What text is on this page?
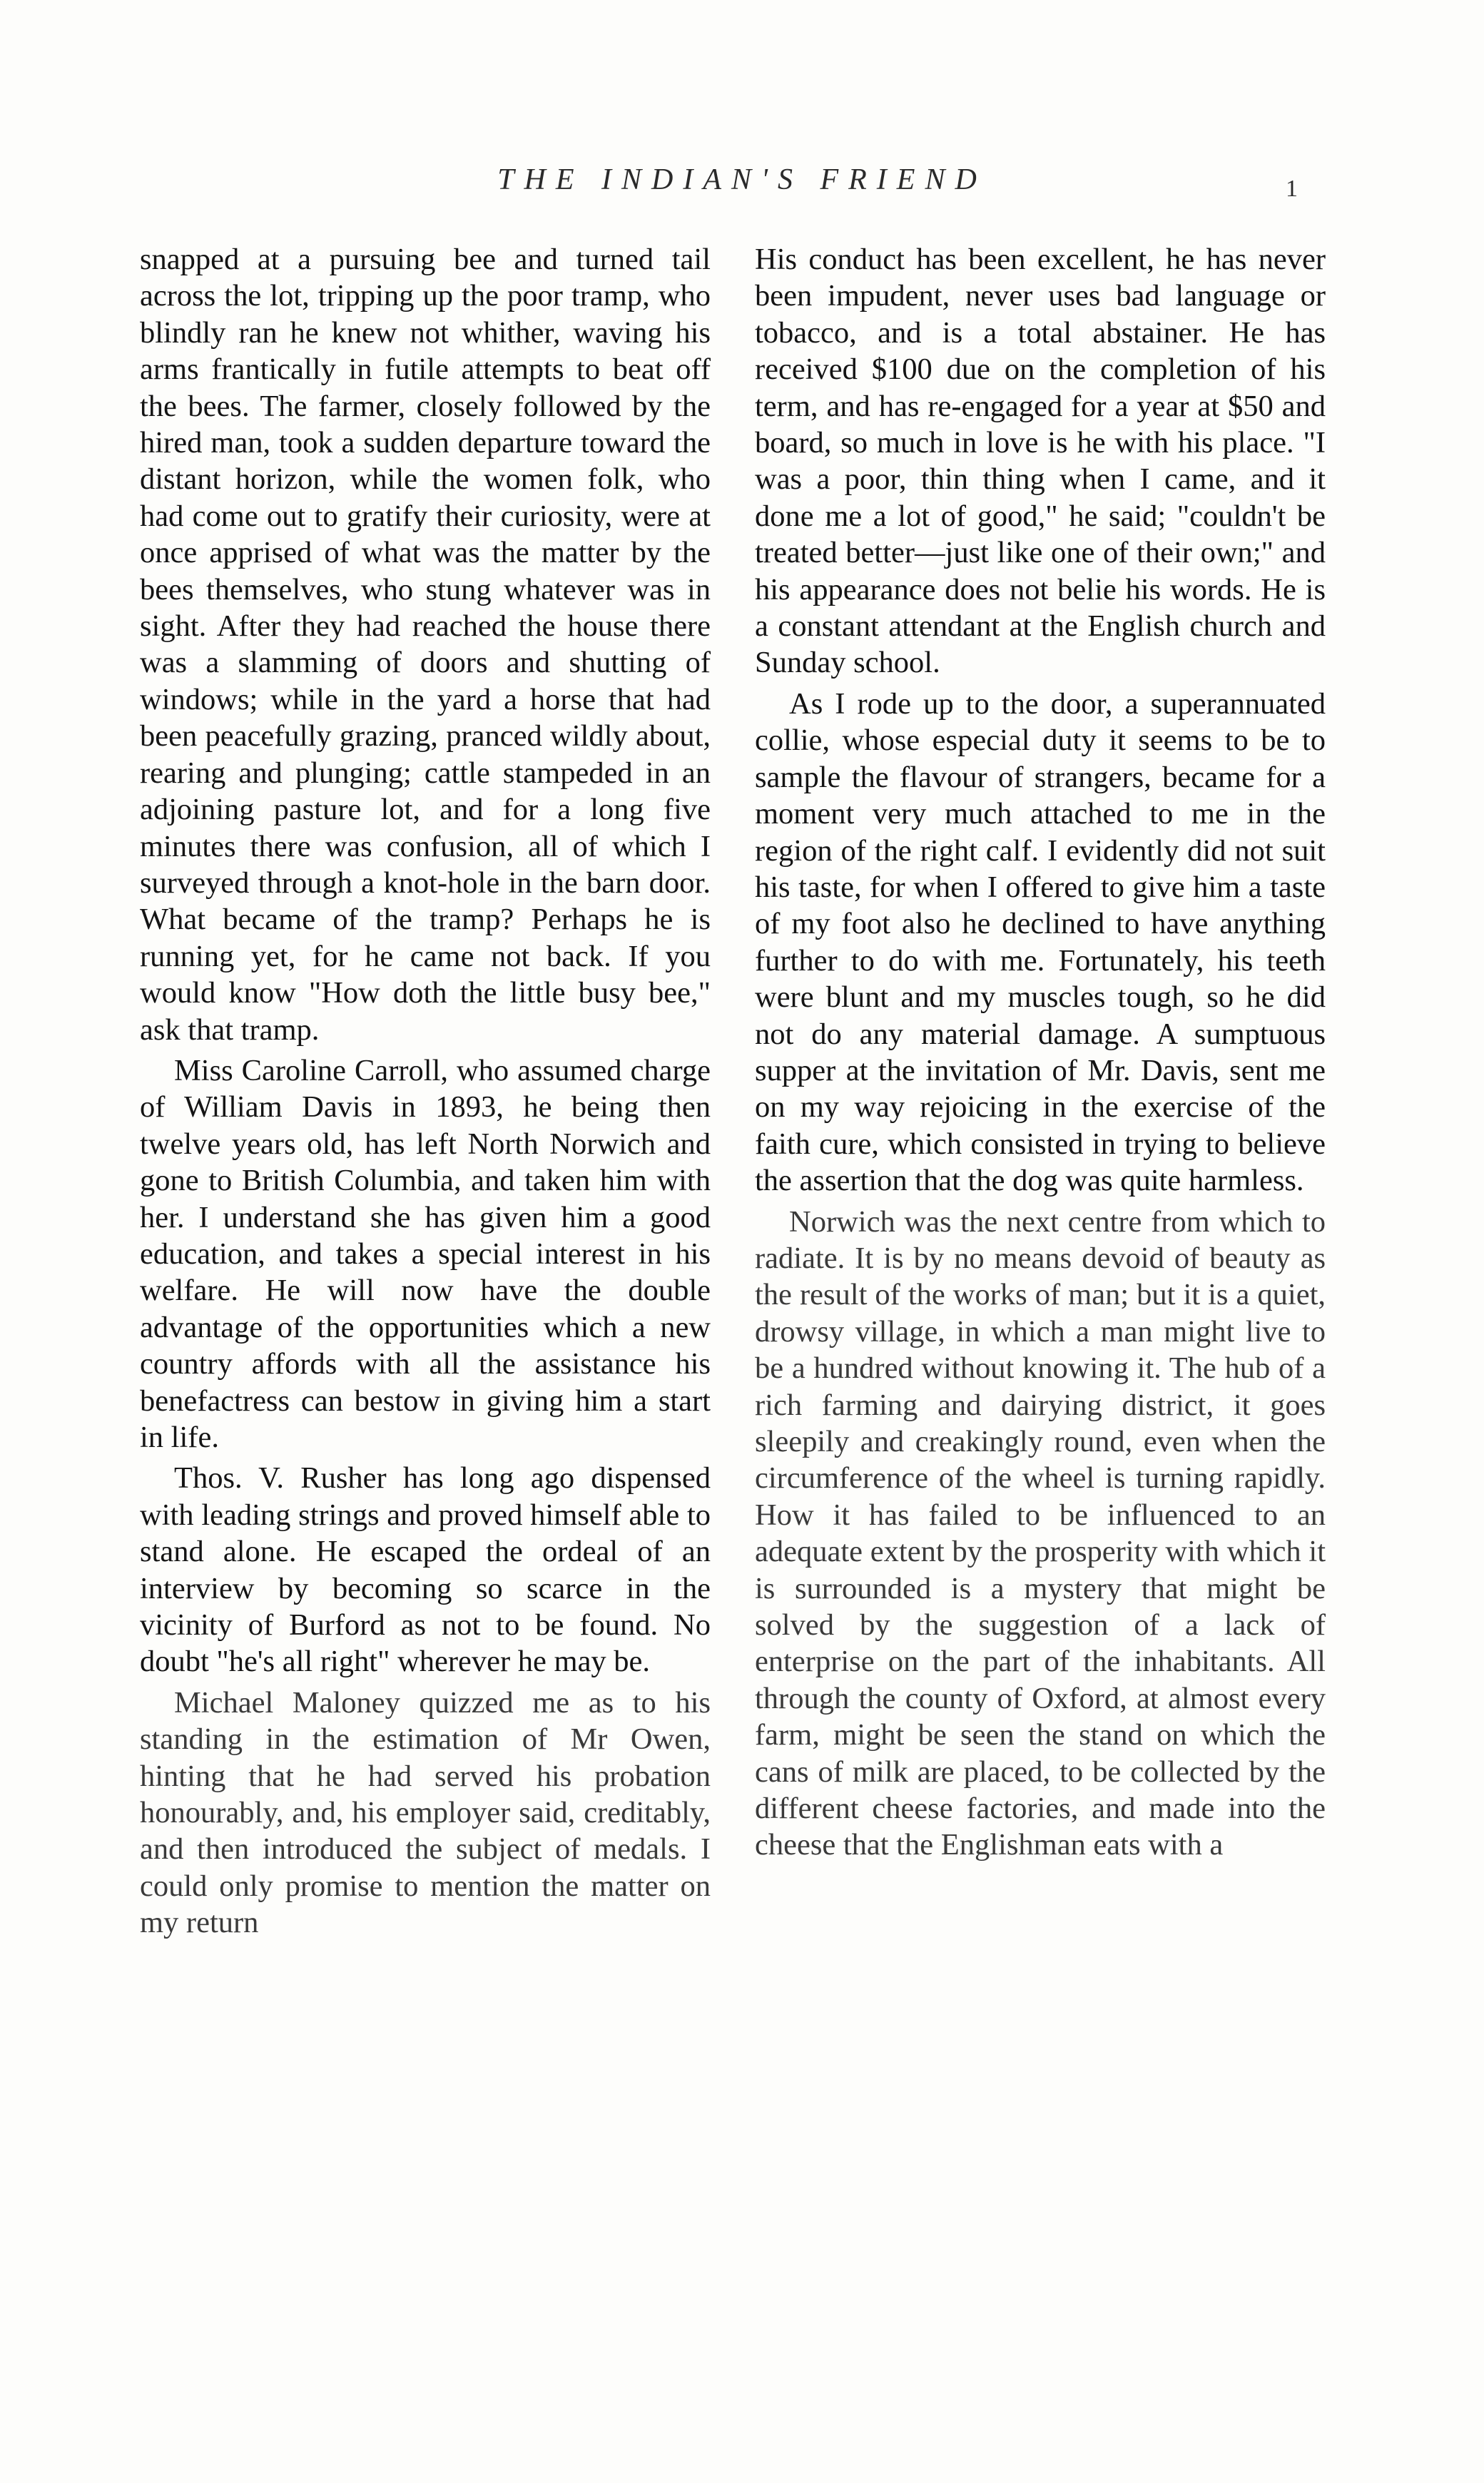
THE INDIAN'S FRIEND	1

snapped at a pursuing bee and turned tail across the lot, tripping up the poor tramp, who blindly ran he knew not whither, waving his arms frantically in futile attempts to beat off the bees. The farmer, closely followed by the hired man, took a sudden departure toward the distant horizon, while the women folk, who had come out to gratify their curiosity, were at once apprised of what was the matter by the bees themselves, who stung whatever was in sight. After they had reached the house there was a slamming of doors and shutting of windows; while in the yard a horse that had been peacefully grazing, pranced wildly about, rearing and plunging; cattle stampeded in an adjoining pasture lot, and for a long five minutes there was confusion, all of which I surveyed through a knot-hole in the barn door. What became of the tramp? Perhaps he is running yet, for he came not back. If you would know "How doth the little busy bee," ask that tramp.

Miss Caroline Carroll, who assumed charge of William Davis in 1893, he being then twelve years old, has left North Norwich and gone to British Columbia, and taken him with her. I understand she has given him a good education, and takes a special interest in his welfare. He will now have the double advantage of the opportunities which a new country affords with all the assistance his benefactress can bestow in giving him a start in life.

Thos. V. Rusher has long ago dispensed with leading strings and proved himself able to stand alone. He escaped the ordeal of an interview by becoming so scarce in the vicinity of Burford as not to be found. No doubt "he's all right" wherever he may be.

Michael Maloney quizzed me as to his standing in the estimation of Mr Owen, hinting that he had served his probation honourably, and, his employer said, creditably, and then introduced the subject of medals. I could only promise to mention the matter on my return

His conduct has been excellent, he has never been impudent, never uses bad language or tobacco, and is a total abstainer. He has received $100 due on the completion of his term, and has re-engaged for a year at $50 and board, so much in love is he with his place. "I was a poor, thin thing when I came, and it done me a lot of good," he said; "couldn't be treated better—just like one of their own;" and his appearance does not belie his words. He is a constant attendant at the English church and Sunday school.

As I rode up to the door, a superannuated collie, whose especial duty it seems to be to sample the flavour of strangers, became for a moment very much attached to me in the region of the right calf. I evidently did not suit his taste, for when I offered to give him a taste of my foot also he declined to have anything further to do with me. Fortunately, his teeth were blunt and my muscles tough, so he did not do any material damage. A sumptuous supper at the invitation of Mr. Davis, sent me on my way rejoicing in the exercise of the faith cure, which consisted in trying to believe the assertion that the dog was quite harmless.

Norwich was the next centre from which to radiate. It is by no means devoid of beauty as the result of the works of man; but it is a quiet, drowsy village, in which a man might live to be a hundred without knowing it. The hub of a rich farming and dairying district, it goes sleepily and creakingly round, even when the circumference of the wheel is turning rapidly. How it has failed to be influenced to an adequate extent by the prosperity with which it is surrounded is a mystery that might be solved by the suggestion of a lack of enterprise on the part of the inhabitants. All through the county of Oxford, at almost every farm, might be seen the stand on which the cans of milk are placed, to be collected by the different cheese factories, and made into the cheese that the Englishman eats with a
